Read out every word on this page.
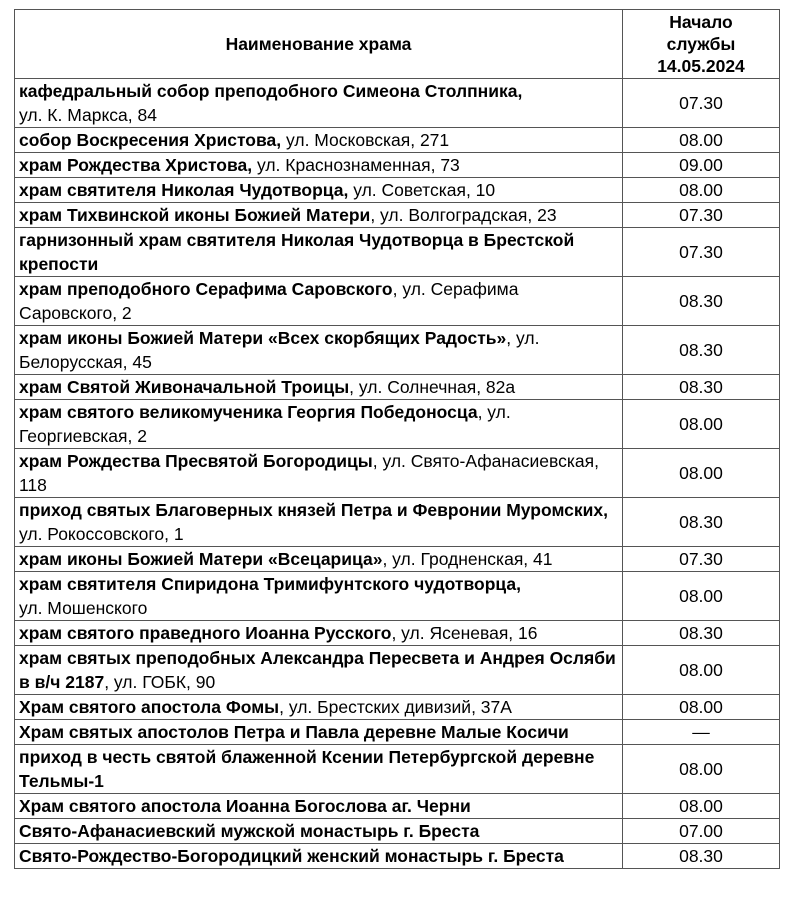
Наименование храма	Начало
службы
14.05.2024

кафедральный собор преподобного Симеона Столпника,
ул. К. Маркса, 84	07.30
собор Воскресения Христова, ул. Московская, 271	08.00
храм Рождества Христова, ул. Краснознаменная, 73	09.00
храм святителя Николая Чудотворца, ул. Советская, 10	08.00
храм Тихвинской иконы Божией Матери, ул. Волгоградская, 23	07.30
гарнизонный храм святителя Николая Чудотворца в Брестской крепости	07.30
храм преподобного Серафима Саровского, ул. Серафима Саровского, 2	08.30
храм иконы Божией Матери «Всех скорбящих Радость», ул. Белорусская, 45	08.30
храм Святой Живоначальной Троицы, ул. Солнечная, 82а	08.30
храм святого великомученика Георгия Победоносца, ул. Георгиевская, 2	08.00
храм Рождества Пресвятой Богородицы, ул. Свято-Афанасиевская, 118	08.00
приход святых Благоверных князей Петра и Февронии Муромских, ул. Рокоссовского, 1	08.30
храм иконы Божией Матери «Всецарица», ул. Гродненская, 41	07.30
храм святителя Спиридона Тримифунтского чудотворца,
ул. Мошенского	08.00
храм святого праведного Иоанна Русского, ул. Ясеневая, 16	08.30
храм святых преподобных Александра Пересвета и Андрея Осляби в в/ч 2187, ул. ГОБК, 90	08.00
Храм святого апостола Фомы, ул. Брестских дивизий, 37А	08.00
Храм святых апостолов Петра и Павла деревне Малые Косичи	—
приход в честь святой блаженной Ксении Петербургской деревне Тельмы-1	08.00
Храм святого апостола Иоанна Богослова аг. Черни	08.00
Свято-Афанасиевский мужской монастырь г. Бреста	07.00
Свято-Рождество-Богородицкий женский монастырь г. Бреста	08.30
